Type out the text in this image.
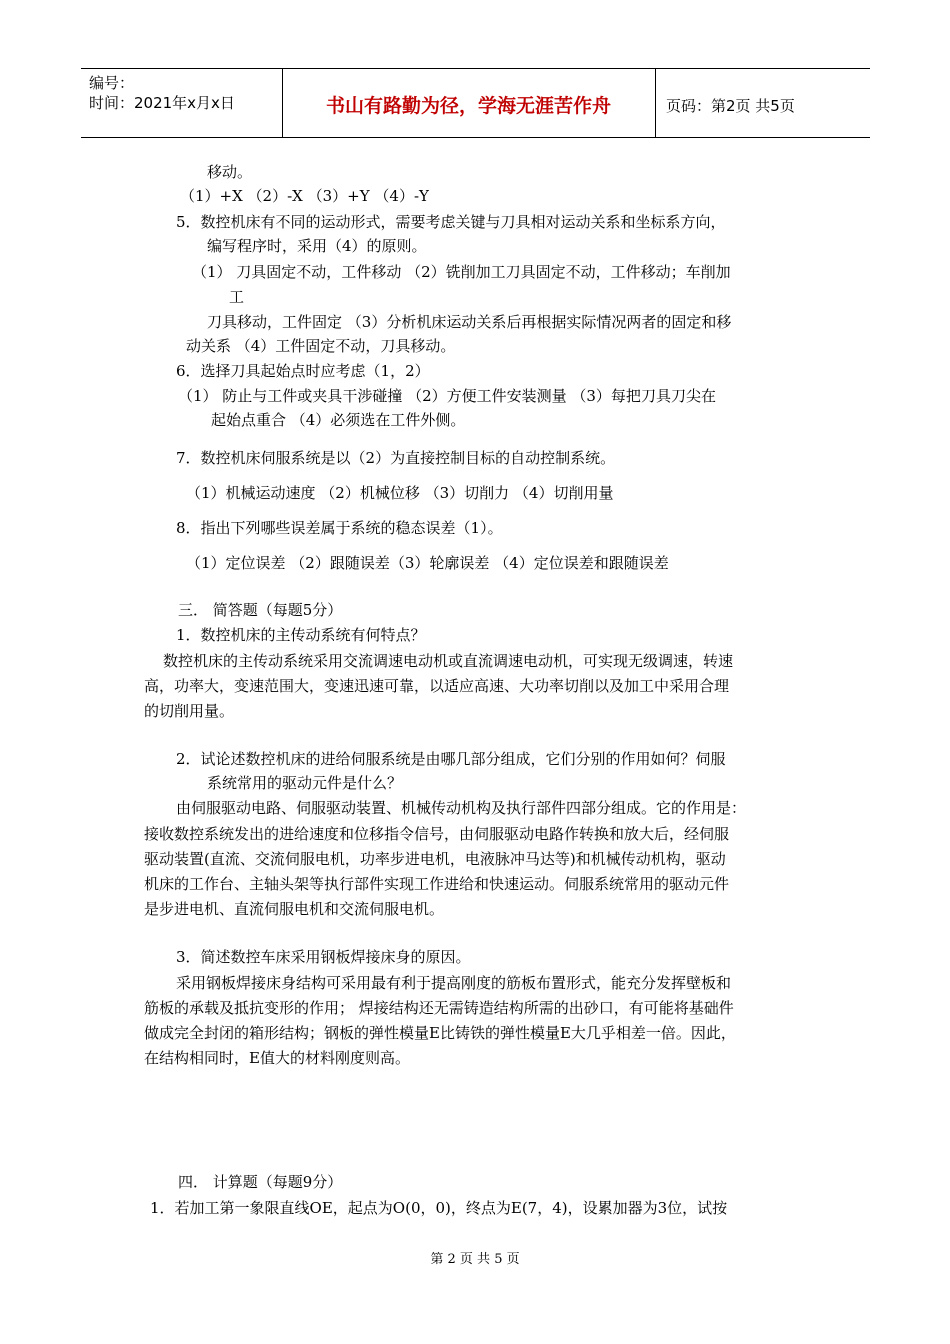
编号：
时间：2021年x月x日	书山有路勤为径，学海无涯苦作舟	页码：第2页 共5页
移动。
（1）+X （2）-X （3）+Y （4）-Y
5．数控机床有不同的运动形式，需要考虑关键与刀具相对运动关系和坐标系方向，
编写程序时，采用（4）的原则。
（1） 刀具固定不动，工件移动 （2）铣削加工刀具固定不动，工件移动；车削加
工
刀具移动，工件固定 （3）分析机床运动关系后再根据实际情况两者的固定和移
动关系 （4）工件固定不动，刀具移动。
6．选择刀具起始点时应考虑（1，2）
（1） 防止与工件或夹具干涉碰撞 （2）方便工件安装测量 （3）每把刀具刀尖在
起始点重合 （4）必须选在工件外侧。
7．数控机床伺服系统是以（2）为直接控制目标的自动控制系统。
（1）机械运动速度 （2）机械位移 （3）切削力 （4）切削用量
8．指出下列哪些误差属于系统的稳态误差（1）。
（1）定位误差 （2）跟随误差（3）轮廓误差 （4）定位误差和跟随误差
三． 简答题（每题5分）
1．数控机床的主传动系统有何特点？
数控机床的主传动系统采用交流调速电动机或直流调速电动机，可实现无级调速，转速
高，功率大，变速范围大，变速迅速可靠，以适应高速、大功率切削以及加工中采用合理
的切削用量。
2．试论述数控机床的进给伺服系统是由哪几部分组成，它们分别的作用如何？伺服
系统常用的驱动元件是什么？
由伺服驱动电路、伺服驱动装置、机械传动机构及执行部件四部分组成。它的作用是：
接收数控系统发出的进给速度和位移指令信号，由伺服驱动电路作转换和放大后，经伺服
驱动装置(直流、交流伺服电机，功率步进电机，电液脉冲马达等)和机械传动机构，驱动
机床的工作台、主轴头架等执行部件实现工作进给和快速运动。伺服系统常用的驱动元件
是步进电机、直流伺服电机和交流伺服电机。
3．简述数控车床采用钢板焊接床身的原因。
采用钢板焊接床身结构可采用最有利于提高刚度的筋板布置形式，能充分发挥壁板和
筋板的承载及抵抗变形的作用； 焊接结构还无需铸造结构所需的出砂口，有可能将基础件
做成完全封闭的箱形结构；钢板的弹性模量E比铸铁的弹性模量E大几乎相差一倍。因此，
在结构相同时，E值大的材料刚度则高。
四． 计算题（每题9分）
1．若加工第一象限直线OE，起点为O(0，0)，终点为E(7，4)，设累加器为3位，试按
第 2 页 共 5 页
